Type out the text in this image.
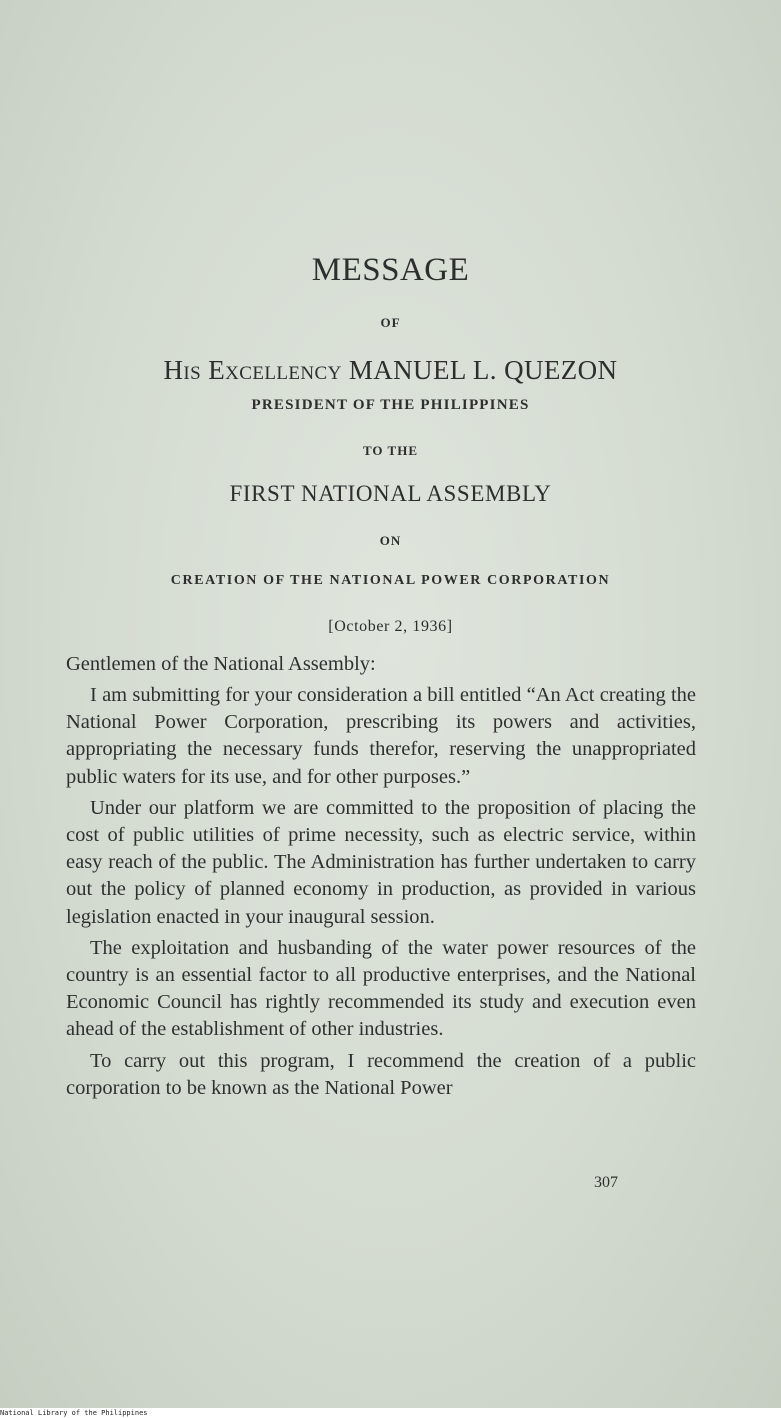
MESSAGE
OF
His Excellency MANUEL L. QUEZON
PRESIDENT OF THE PHILIPPINES
TO THE
FIRST NATIONAL ASSEMBLY
ON
CREATION OF THE NATIONAL POWER CORPORATION
[October 2, 1936]
Gentlemen of the National Assembly:

I am submitting for your consideration a bill entitled “An Act creating the National Power Corporation, prescribing its powers and activities, appropriating the necessary funds therefor, reserving the unappropriated public waters for its use, and for other purposes.”

Under our platform we are committed to the proposition of placing the cost of public utilities of prime necessity, such as electric service, within easy reach of the public. The Administration has further undertaken to carry out the policy of planned economy in production, as provided in various legislation enacted in your inaugural session.

The exploitation and husbanding of the water power resources of the country is an essential factor to all productive enterprises, and the National Economic Council has rightly recommended its study and execution even ahead of the establishment of other industries.

To carry out this program, I recommend the creation of a public corporation to be known as the National Power

307
National Library of the Philippines
